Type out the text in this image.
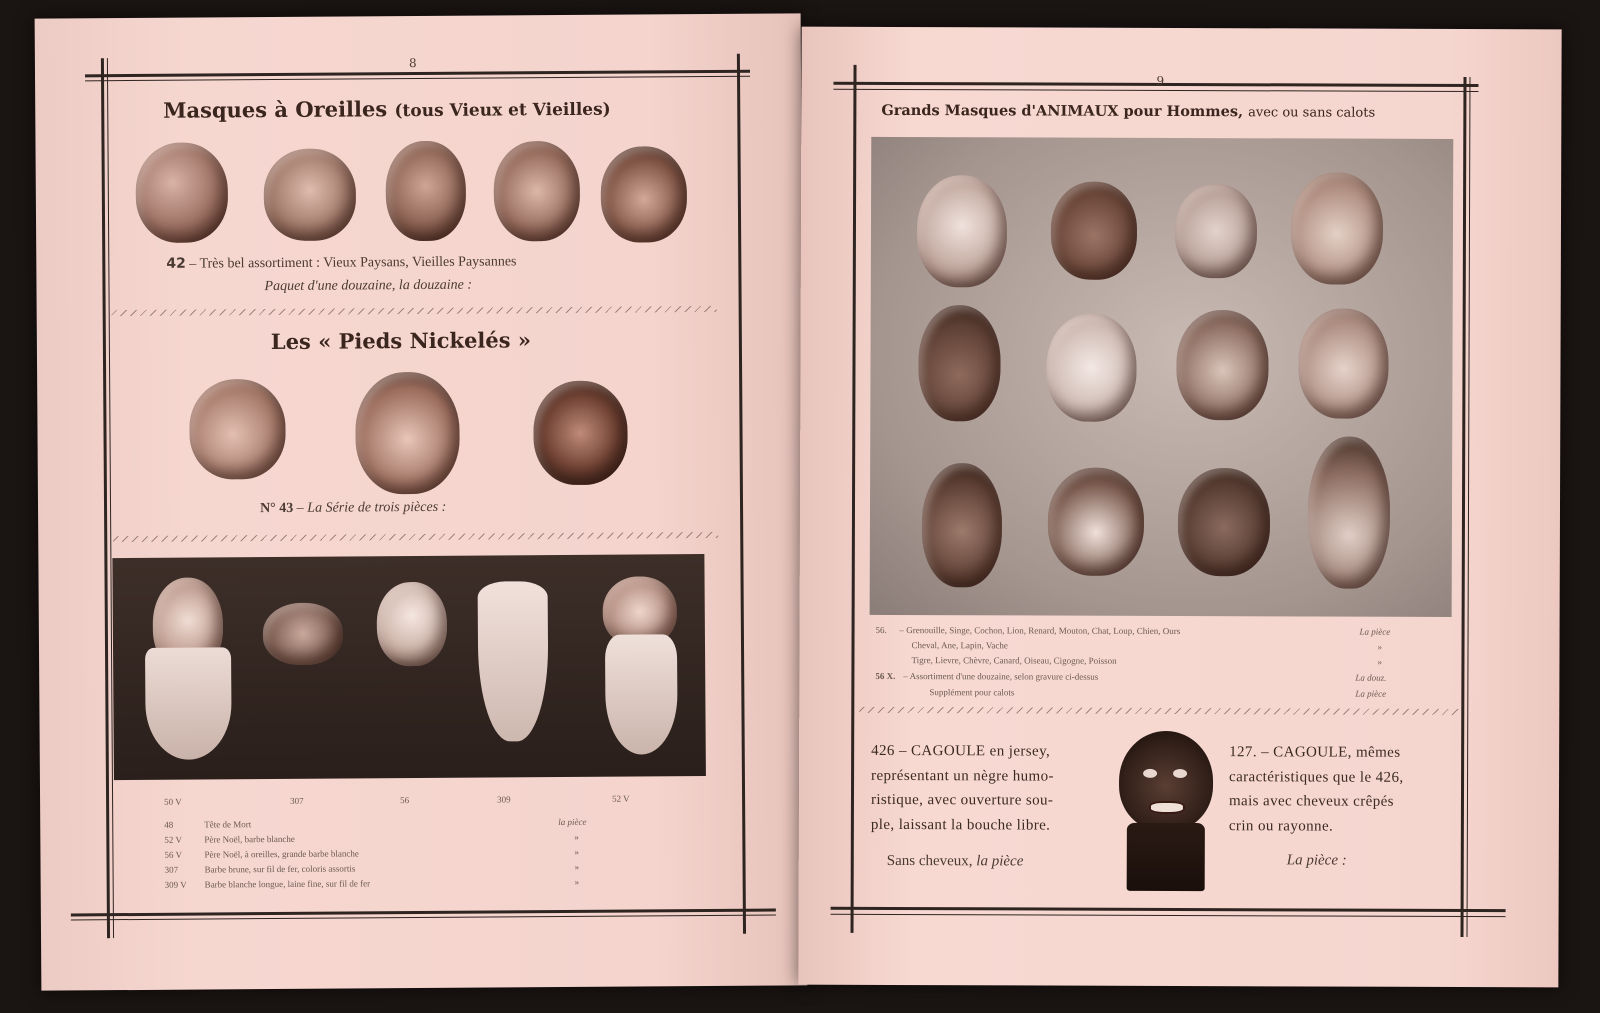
8
Masques à Oreilles (tous Vieux et Vieilles)
42 – Très bel assortiment : Vieux Paysans, Vieilles Paysannes
Paquet d'une douzaine, la douzaine :
Les « Pieds Nickelés »
N° 43 – La Série de trois pièces :
50 V	307	56	309	52 V
48	Tête de Mort	la pièce
52 V Père Noël, barbe blanche	»
56 V Père Noël, à oreilles, grande barbe blanche	»
307	Barbe brune, sur fil de fer, coloris assortis	»
309 V Barbe blanche longue, laine fine, sur fil de fer	»
9
Grands Masques d'ANIMAUX pour Hommes, avec ou sans calots
56. – Grenouille, Singe, Cochon, Lion, Renard, Mouton, Chat, Loup, Chien, Ours	La pièce
Cheval, Ane, Lapin, Vache	»
Tigre, Lievre, Chèvre, Canard, Oiseau, Cigogne, Poisson	»
56 X. – Assortiment d'une douzaine, selon gravure ci-dessus	La douz.
Supplément pour calots	La pièce
426 – CAGOULE en jersey,
représentant un nègre humo-
ristique, avec ouverture sou-
ple, laissant la bouche libre.
Sans cheveux, la pièce
127. – CAGOULE, mêmes
caractéristiques que le 426,
mais avec cheveux crêpés
crin ou rayonne.
La pièce :
